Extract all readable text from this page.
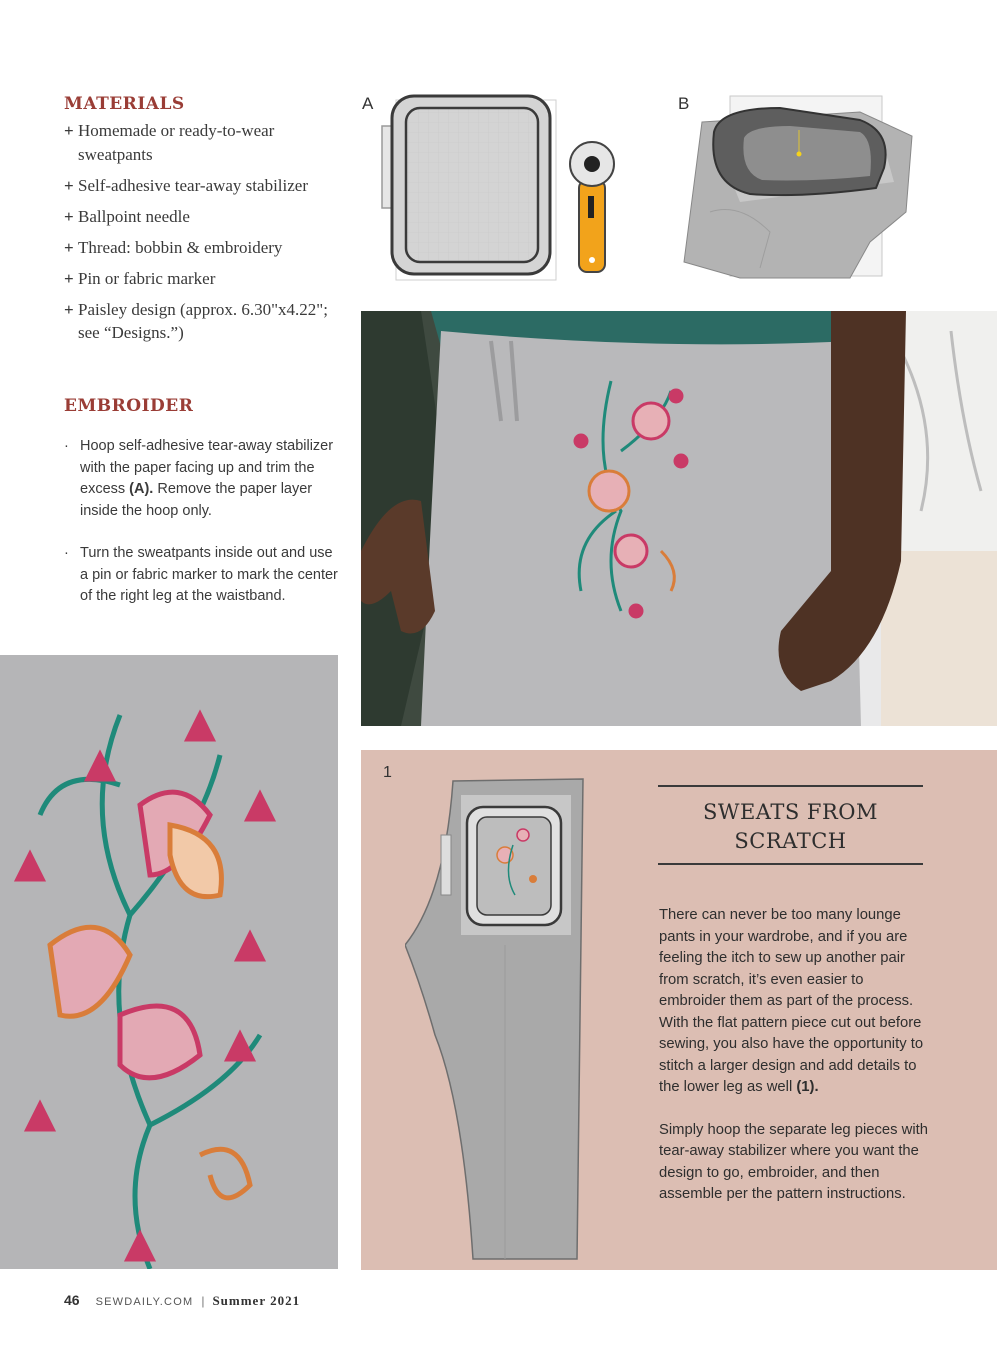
MATERIALS
+ Homemade or ready-to-wear sweatpants
+ Self-adhesive tear-away stabilizer
+ Ballpoint needle
+ Thread: bobbin & embroidery
+ Pin or fabric marker
+ Paisley design (approx. 6.30"x4.22"; see “Designs.”)
EMBROIDER
· Hoop self-adhesive tear-away stabilizer with the paper facing up and trim the excess (A). Remove the paper layer inside the hoop only.
· Turn the sweatpants inside out and use a pin or fabric marker to mark the center of the right leg at the waistband.
A	B
1
SWEATS FROM
SCRATCH

There can never be too many lounge pants in your wardrobe, and if you are feeling the itch to sew up another pair from scratch, it’s even easier to embroider them as part of the process. With the flat pattern piece cut out before sewing, you also have the opportunity to stitch a larger design and add details to the lower leg as well (1).

Simply hoop the separate leg pieces with tear-away stabilizer where you want the design to go, embroider, and then assemble per the pattern instructions.

46 SEWDAILY.COM | Summer 2021
